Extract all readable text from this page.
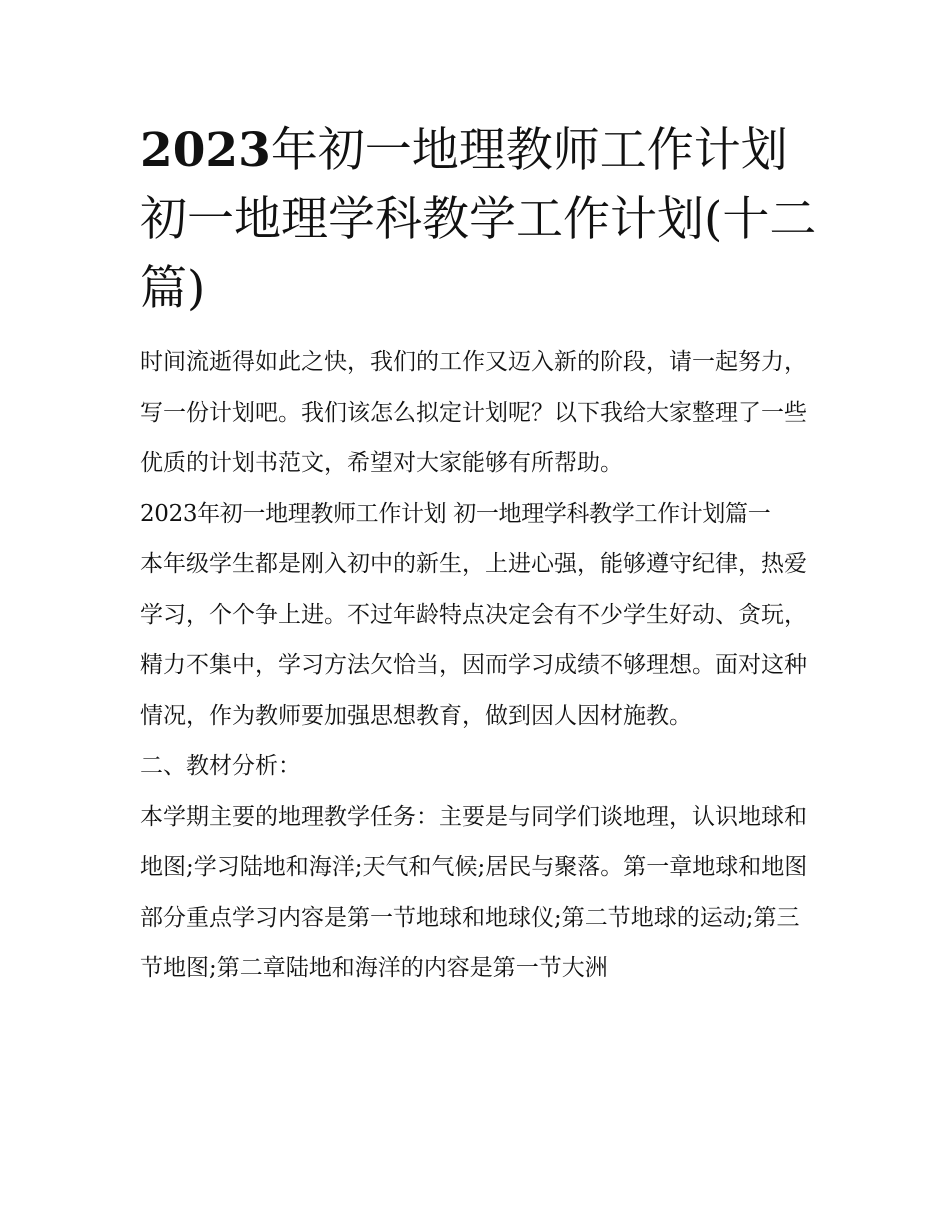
2023年初一地理教师工作计划初一地理学科教学工作计划(十二篇)

时间流逝得如此之快，我们的工作又迈入新的阶段，请一起努力，写一份计划吧。我们该怎么拟定计划呢？以下我给大家整理了一些优质的计划书范文，希望对大家能够有所帮助。

2023年初一地理教师工作计划 初一地理学科教学工作计划篇一

本年级学生都是刚入初中的新生，上进心强，能够遵守纪律，热爱学习，个个争上进。不过年龄特点决定会有不少学生好动、贪玩，精力不集中，学习方法欠恰当，因而学习成绩不够理想。面对这种情况，作为教师要加强思想教育，做到因人因材施教。

二、教材分析：

本学期主要的地理教学任务：主要是与同学们谈地理，认识地球和地图;学习陆地和海洋;天气和气候;居民与聚落。第一章地球和地图部分重点学习内容是第一节地球和地球仪;第二节地球的运动;第三节地图;第二章陆地和海洋的内容是第一节大洲
